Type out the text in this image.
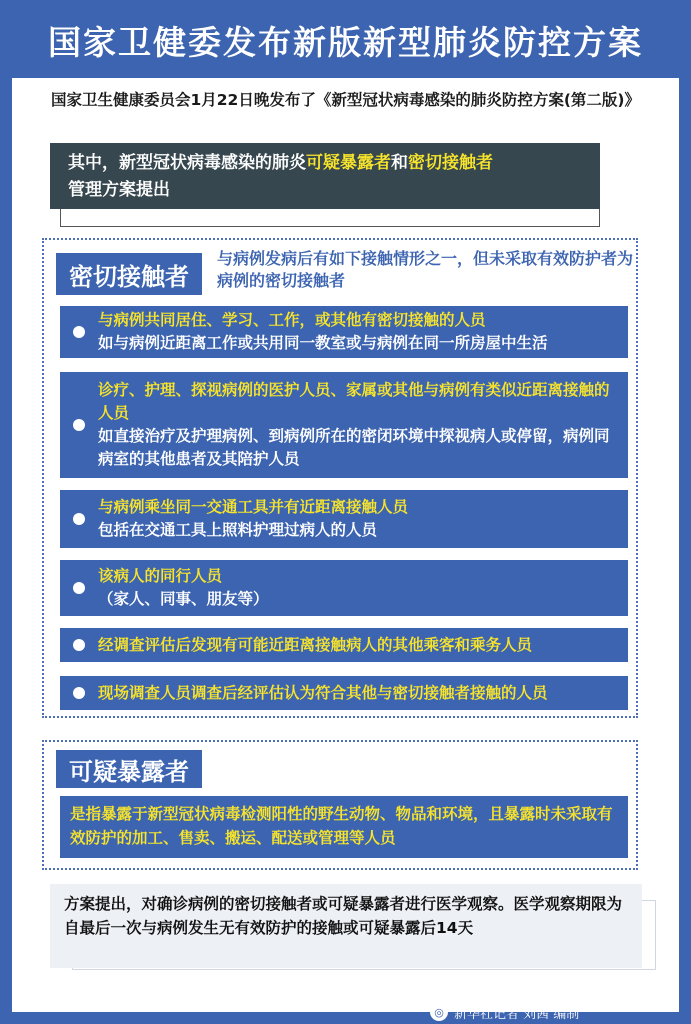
国家卫健委发布新版新型肺炎防控方案
国家卫生健康委员会1月22日晚发布了《新型冠状病毒感染的肺炎防控方案(第二版)》
其中，新型冠状病毒感染的肺炎可疑暴露者和密切接触者
管理方案提出
密切接触者
与病例发病后有如下接触情形之一，但未采取有效防护者为病例的密切接触者
与病例共同居住、学习、工作，或其他有密切接触的人员
如与病例近距离工作或共用同一教室或与病例在同一所房屋中生活
诊疗、护理、探视病例的医护人员、家属或其他与病例有类似近距离接触的人员
如直接治疗及护理病例、到病例所在的密闭环境中探视病人或停留，病例同病室的其他患者及其陪护人员
与病例乘坐同一交通工具并有近距离接触人员
包括在交通工具上照料护理过病人的人员
该病人的同行人员
（家人、同事、朋友等）
经调查评估后发现有可能近距离接触病人的其他乘客和乘务人员
现场调查人员调查后经评估认为符合其他与密切接触者接触的人员
可疑暴露者
是指暴露于新型冠状病毒检测阳性的野生动物、物品和环境，且暴露时未采取有效防护的加工、售卖、搬运、配送或管理等人员
方案提出，对确诊病例的密切接触者或可疑暴露者进行医学观察。医学观察期限为自最后一次与病例发生无有效防护的接触或可疑暴露后14天
◎ 新华社记者 刘茜 编制
